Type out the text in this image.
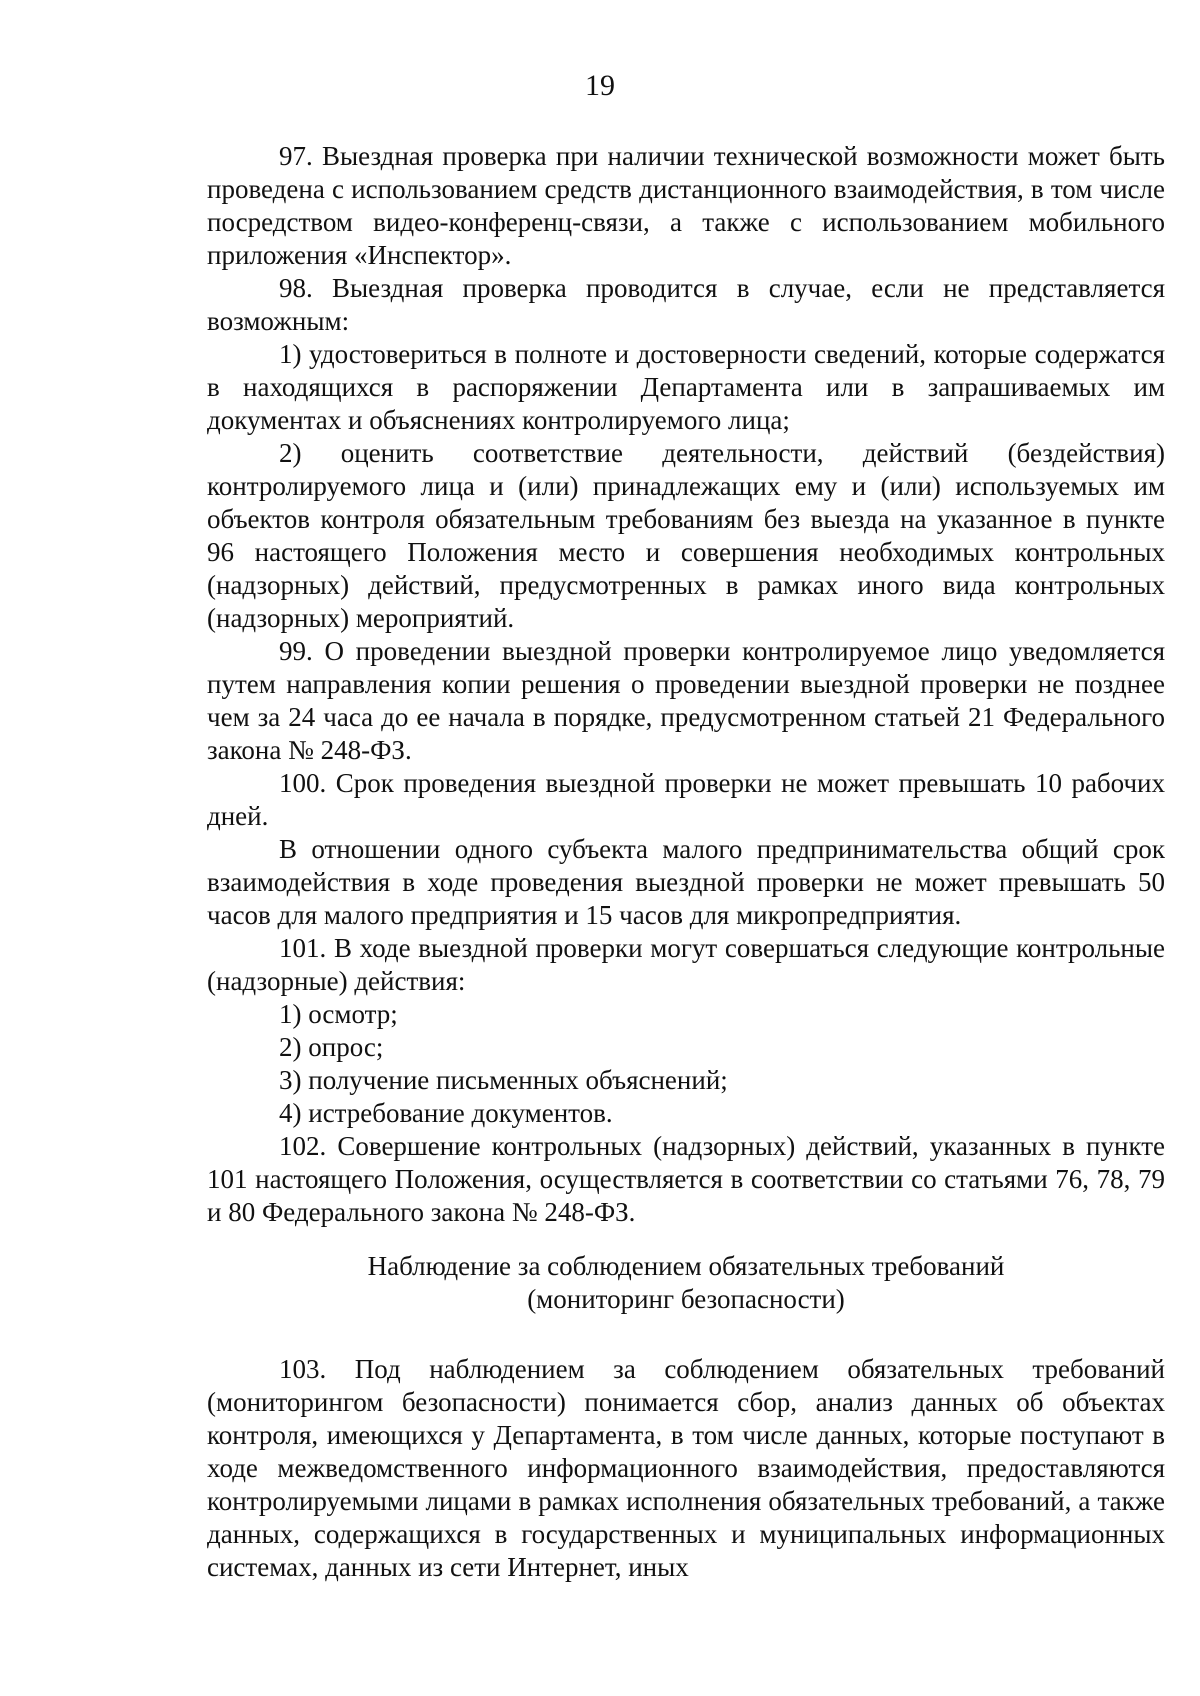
19

97. Выездная проверка при наличии технической возможности может быть проведена с использованием средств дистанционного взаимодействия, в том числе посредством видео-конференц-связи, а также с использованием мобильного приложения «Инспектор».

98. Выездная проверка проводится в случае, если не представляется возможным:

1) удостовериться в полноте и достоверности сведений, которые содержатся в находящихся в распоряжении Департамента или в запрашиваемых им документах и объяснениях контролируемого лица;

2) оценить соответствие деятельности, действий (бездействия) контролируемого лица и (или) принадлежащих ему и (или) используемых им объектов контроля обязательным требованиям без выезда на указанное в пункте 96 настоящего Положения место и совершения необходимых контрольных (надзорных) действий, предусмотренных в рамках иного вида контрольных (надзорных) мероприятий.

99. О проведении выездной проверки контролируемое лицо уведомляется путем направления копии решения о проведении выездной проверки не позднее чем за 24 часа до ее начала в порядке, предусмотренном статьей 21 Федерального закона № 248-ФЗ.

100. Срок проведения выездной проверки не может превышать 10 рабочих дней.

В отношении одного субъекта малого предпринимательства общий срок взаимодействия в ходе проведения выездной проверки не может превышать 50 часов для малого предприятия и 15 часов для микропредприятия.

101. В ходе выездной проверки могут совершаться следующие контрольные (надзорные) действия:

1) осмотр;

2) опрос;

3) получение письменных объяснений;

4) истребование документов.

102. Совершение контрольных (надзорных) действий, указанных в пункте 101 настоящего Положения, осуществляется в соответствии со статьями 76, 78, 79 и 80 Федерального закона № 248-ФЗ.

Наблюдение за соблюдением обязательных требований
(мониторинг безопасности)

103. Под наблюдением за соблюдением обязательных требований (мониторингом безопасности) понимается сбор, анализ данных об объектах контроля, имеющихся у Департамента, в том числе данных, которые поступают в ходе межведомственного информационного взаимодействия, предоставляются контролируемыми лицами в рамках исполнения обязательных требований, а также данных, содержащихся в государственных и муниципальных информационных системах, данных из сети Интернет, иных
